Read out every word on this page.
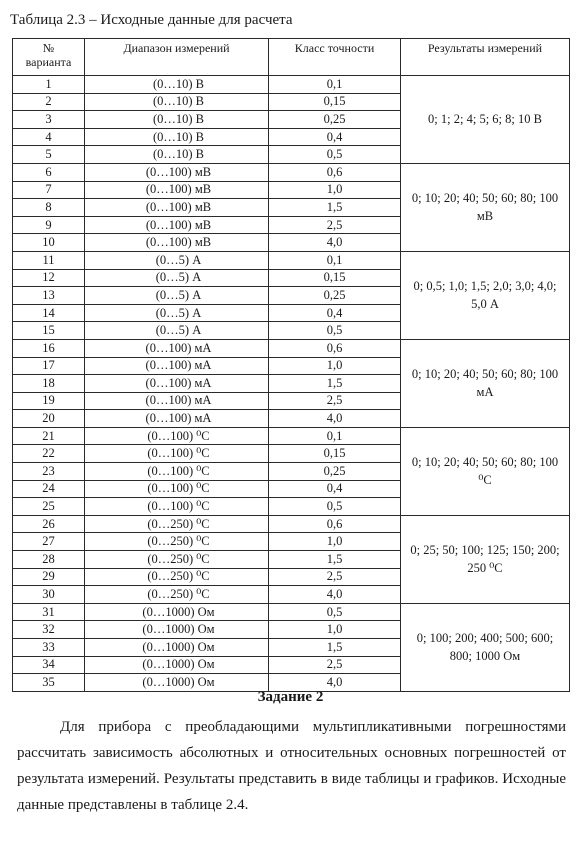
Таблица 2.3 – Исходные данные для расчета
№
варианта	Диапазон измерений	Класс точности	Результаты измерений
1	(0…10) В	0,1	0; 1; 2; 4; 5; 6; 8; 10 В
2	(0…10) В	0,15	
3	(0…10) В	0,25	
4	(0…10) В	0,4	
5	(0…10) В	0,5	
6	(0…100) мВ	0,6	0; 10; 20; 40; 50; 60; 80; 100 мВ
7	(0…100) мВ	1,0	
8	(0…100) мВ	1,5	
9	(0…100) мВ	2,5	
10	(0…100) мВ	4,0	
11	(0…5) А	0,1	0; 0,5; 1,0; 1,5; 2,0; 3,0; 4,0; 5,0 А
12	(0…5) А	0,15	
13	(0…5) А	0,25	
14	(0…5) А	0,4	
15	(0…5) А	0,5	
16	(0…100) мА	0,6	0; 10; 20; 40; 50; 60; 80; 100 мА
17	(0…100) мА	1,0	
18	(0…100) мА	1,5	
19	(0…100) мА	2,5	
20	(0…100) мА	4,0	
21	(0…100) ⁰С	0,1	0; 10; 20; 40; 50; 60; 80; 100 ⁰С
22	(0…100) ⁰С	0,15	
23	(0…100) ⁰С	0,25	
24	(0…100) ⁰С	0,4	
25	(0…100) ⁰С	0,5	
26	(0…250) ⁰С	0,6	0; 25; 50; 100; 125; 150; 200; 250 ⁰С
27	(0…250) ⁰С	1,0	
28	(0…250) ⁰С	1,5	
29	(0…250) ⁰С	2,5	
30	(0…250) ⁰С	4,0	
31	(0…1000) Ом	0,5	0; 100; 200; 400; 500; 600; 800; 1000 Ом
32	(0…1000) Ом	1,0	
33	(0…1000) Ом	1,5	
34	(0…1000) Ом	2,5	
35	(0…1000) Ом	4,0	
Задание 2
Для прибора с преобладающими мультипликативными погрешностями рассчитать зависимость абсолютных и относительных основных погрешностей от результата измерений. Результаты представить в виде таблицы и графиков. Исходные данные представлены в таблице 2.4.
